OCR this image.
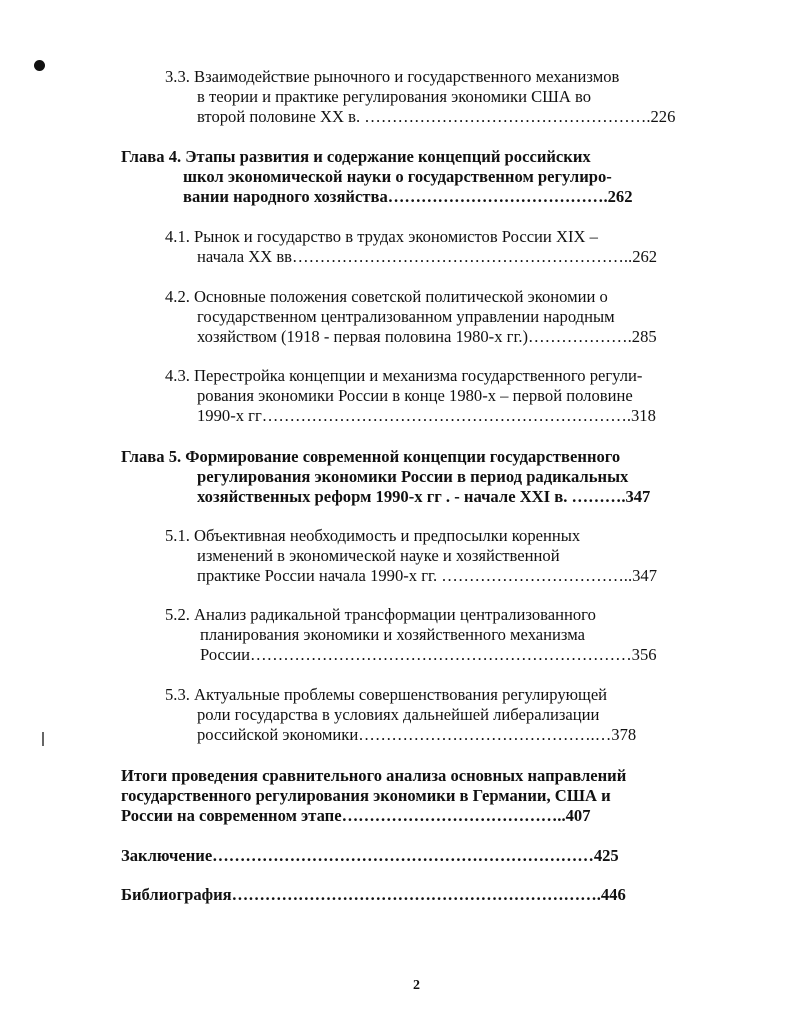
3.3. Взаимодействие рыночного и государственного механизмов
в теории и практике регулирования экономики США во
второй половине XX в. …………………………………………….226
Глава 4. Этапы развития и содержание концепций российских
школ экономической науки о государственном регулиро-
вании народного хозяйства………………………………….262
4.1. Рынок и государство в трудах экономистов России XIX –
начала XX вв……………………………………………………..262
4.2. Основные положения советской политической экономии о
государственном централизованном управлении народным
хозяйством (1918 - первая половина 1980-х гг.)……………….285
4.3. Перестройка концепции и механизма государственного регули-
рования экономики России в конце 1980-х – первой половине
1990-х гг………………………………………………………….318
Глава 5. Формирование современной концепции государственного
регулирования экономики России в период радикальных
хозяйственных реформ 1990-х гг . - начале XXI в. ……….347
5.1. Объективная необходимость и предпосылки коренных
изменений в экономической науке и хозяйственной
практике России начала 1990-х гг. ……………………………..347
5.2. Анализ радикальной трансформации централизованного
планирования экономики и хозяйственного механизма
России……………………………………………………………356
5.3. Актуальные проблемы совершенствования регулирующей
роли государства в условиях дальнейшей либерализации
российской экономики…………………………………….…378
Итоги проведения сравнительного анализа основных направлений
государственного регулирования экономики в Германии, США и
России на современном этапе…………………………………..407
Заключение……………………………………………………………425
Библиография………………………………………………………….446
2
